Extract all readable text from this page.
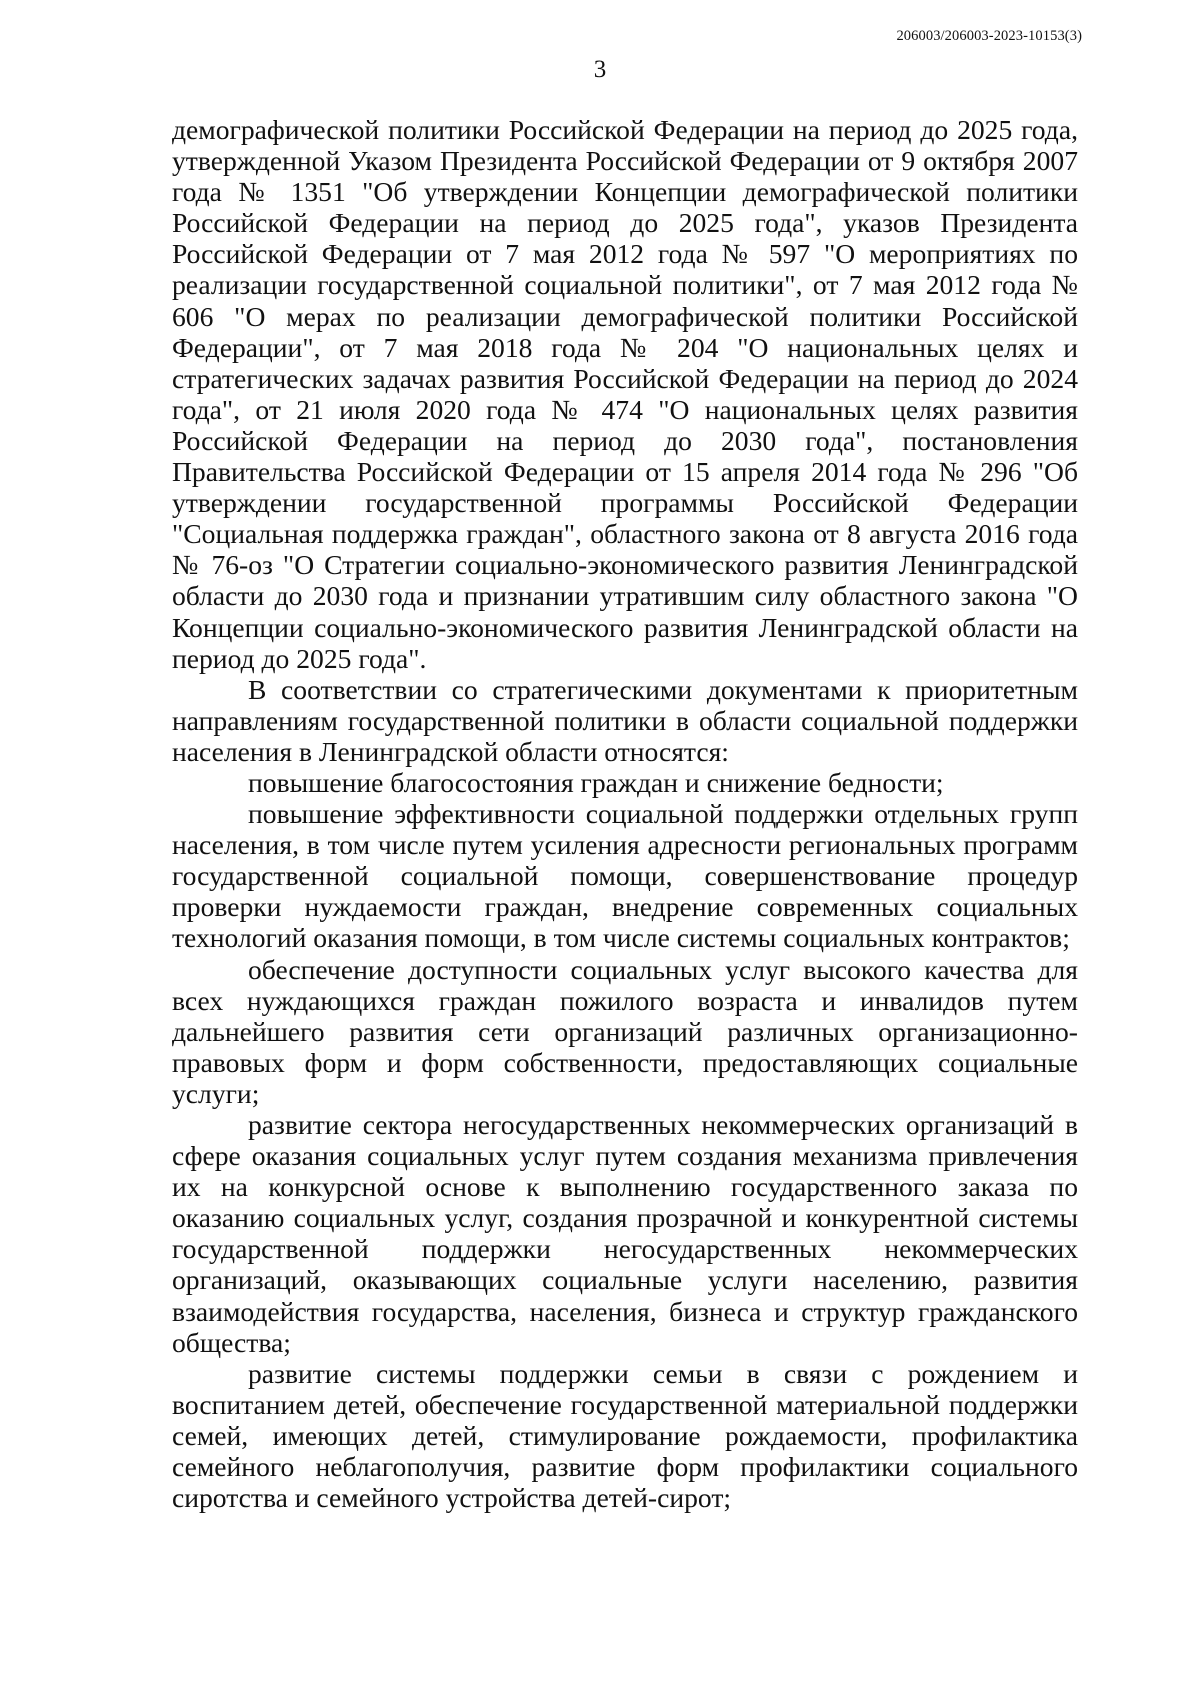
206003/206003-2023-10153(3)
3

демографической политики Российской Федерации на период до 2025 года, утвержденной Указом Президента Российской Федерации от 9 октября 2007 года № 1351 "Об утверждении Концепции демографической политики Российской Федерации на период до 2025 года", указов Президента Российской Федерации от 7 мая 2012 года № 597 "О мероприятиях по реализации государственной социальной политики", от 7 мая 2012 года № 606 "О мерах по реализации демографической политики Российской Федерации", от 7 мая 2018 года № 204 "О национальных целях и стратегических задачах развития Российской Федерации на период до 2024 года", от 21 июля 2020 года № 474 "О национальных целях развития Российской Федерации на период до 2030 года", постановления Правительства Российской Федерации от 15 апреля 2014 года № 296 "Об утверждении государственной программы Российской Федерации "Социальная поддержка граждан", областного закона от 8 августа 2016 года № 76-оз "О Стратегии социально-экономического развития Ленинградской области до 2030 года и признании утратившим силу областного закона "О Концепции социально-экономического развития Ленинградской области на период до 2025 года".

В соответствии со стратегическими документами к приоритетным направлениям государственной политики в области социальной поддержки населения в Ленинградской области относятся:

повышение благосостояния граждан и снижение бедности;

повышение эффективности социальной поддержки отдельных групп населения, в том числе путем усиления адресности региональных программ государственной социальной помощи, совершенствование процедур проверки нуждаемости граждан, внедрение современных социальных технологий оказания помощи, в том числе системы социальных контрактов;

обеспечение доступности социальных услуг высокого качества для всех нуждающихся граждан пожилого возраста и инвалидов путем дальнейшего развития сети организаций различных организационно-правовых форм и форм собственности, предоставляющих социальные услуги;

развитие сектора негосударственных некоммерческих организаций в сфере оказания социальных услуг путем создания механизма привлечения их на конкурсной основе к выполнению государственного заказа по оказанию социальных услуг, создания прозрачной и конкурентной системы государственной поддержки негосударственных некоммерческих организаций, оказывающих социальные услуги населению, развития взаимодействия государства, населения, бизнеса и структур гражданского общества;

развитие системы поддержки семьи в связи с рождением и воспитанием детей, обеспечение государственной материальной поддержки семей, имеющих детей, стимулирование рождаемости, профилактика семейного неблагополучия, развитие форм профилактики социального сиротства и семейного устройства детей-сирот;
